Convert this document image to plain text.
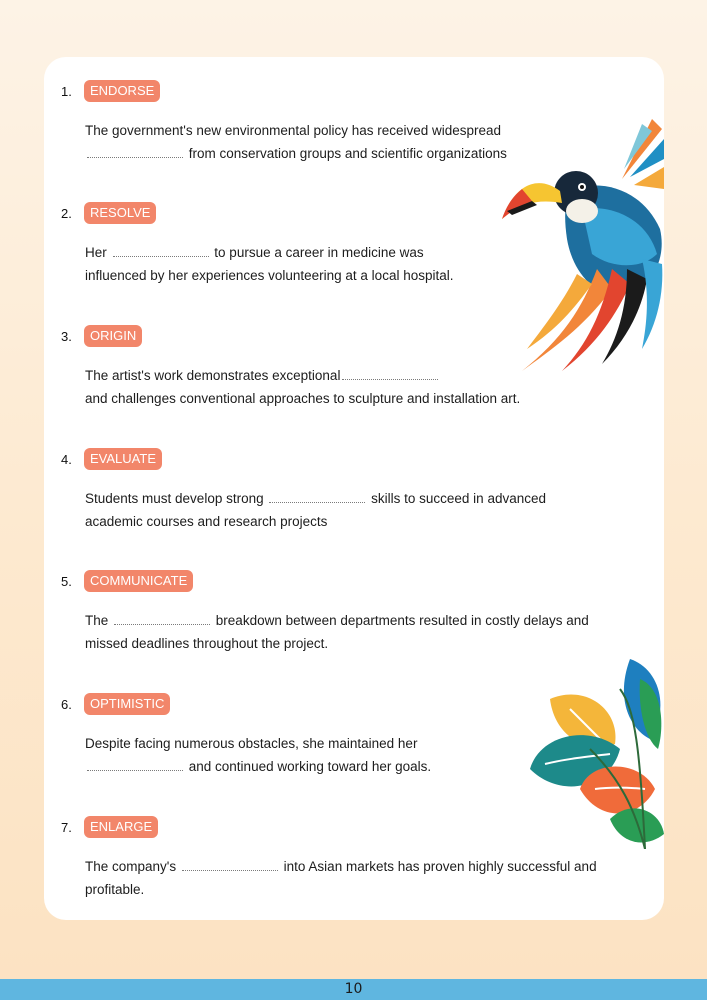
1.	ENDORSE
The government's new environmental policy has received widespread
from conservation groups and scientific organizations
2.	RESOLVE
Her	to pursue a career in medicine was influenced by her experiences volunteering at a local hospital.
3.	ORIGIN
The artist's work demonstrates exceptional
and challenges conventional approaches to sculpture and installation art.
4.	EVALUATE
Students must develop strong	skills to succeed in advanced academic courses and research projects
5.	COMMUNICATE
The	breakdown between departments resulted in costly delays and missed deadlines throughout the project.
6.	OPTIMISTIC
Despite facing numerous obstacles, she maintained her  and continued working toward her goals.
7.	ENLARGE
The company's	into Asian markets has proven highly successful and profitable.
10
